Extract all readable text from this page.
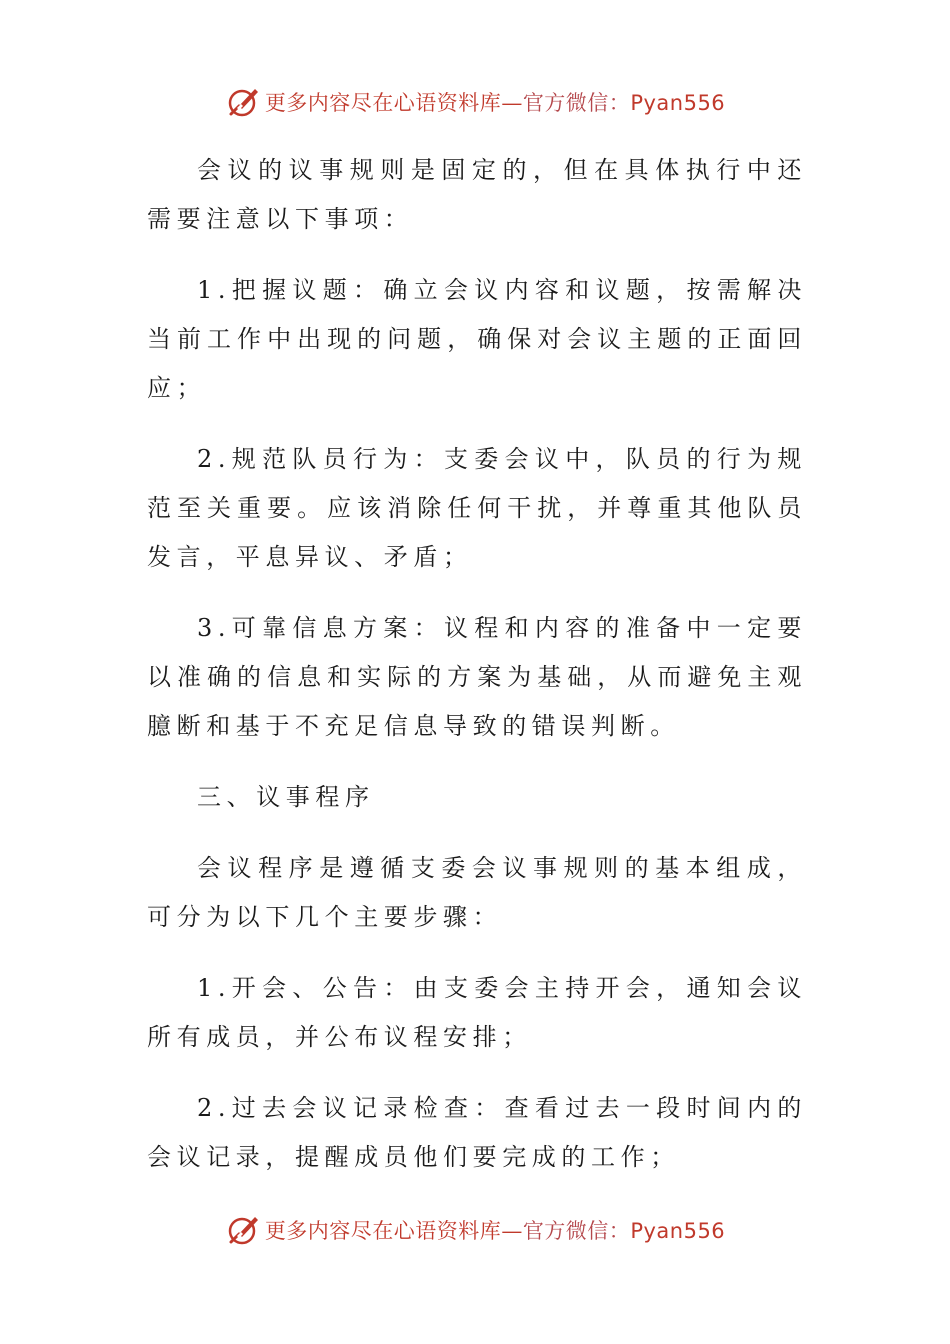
更多内容尽在心语资料库—官方微信：Pyan556

会议的议事规则是固定的，但在具体执行中还需要注意以下事项：

1.把握议题：确立会议内容和议题，按需解决当前工作中出现的问题，确保对会议主题的正面回应；

2.规范队员行为：支委会议中，队员的行为规范至关重要。应该消除任何干扰，并尊重其他队员发言，平息异议、矛盾；

3.可靠信息方案：议程和内容的准备中一定要以准确的信息和实际的方案为基础，从而避免主观臆断和基于不充足信息导致的错误判断。

三、议事程序

会议程序是遵循支委会议事规则的基本组成，可分为以下几个主要步骤：

1.开会、公告：由支委会主持开会，通知会议所有成员，并公布议程安排；

2.过去会议记录检查：查看过去一段时间内的会议记录，提醒成员他们要完成的工作；

更多内容尽在心语资料库—官方微信：Pyan556
